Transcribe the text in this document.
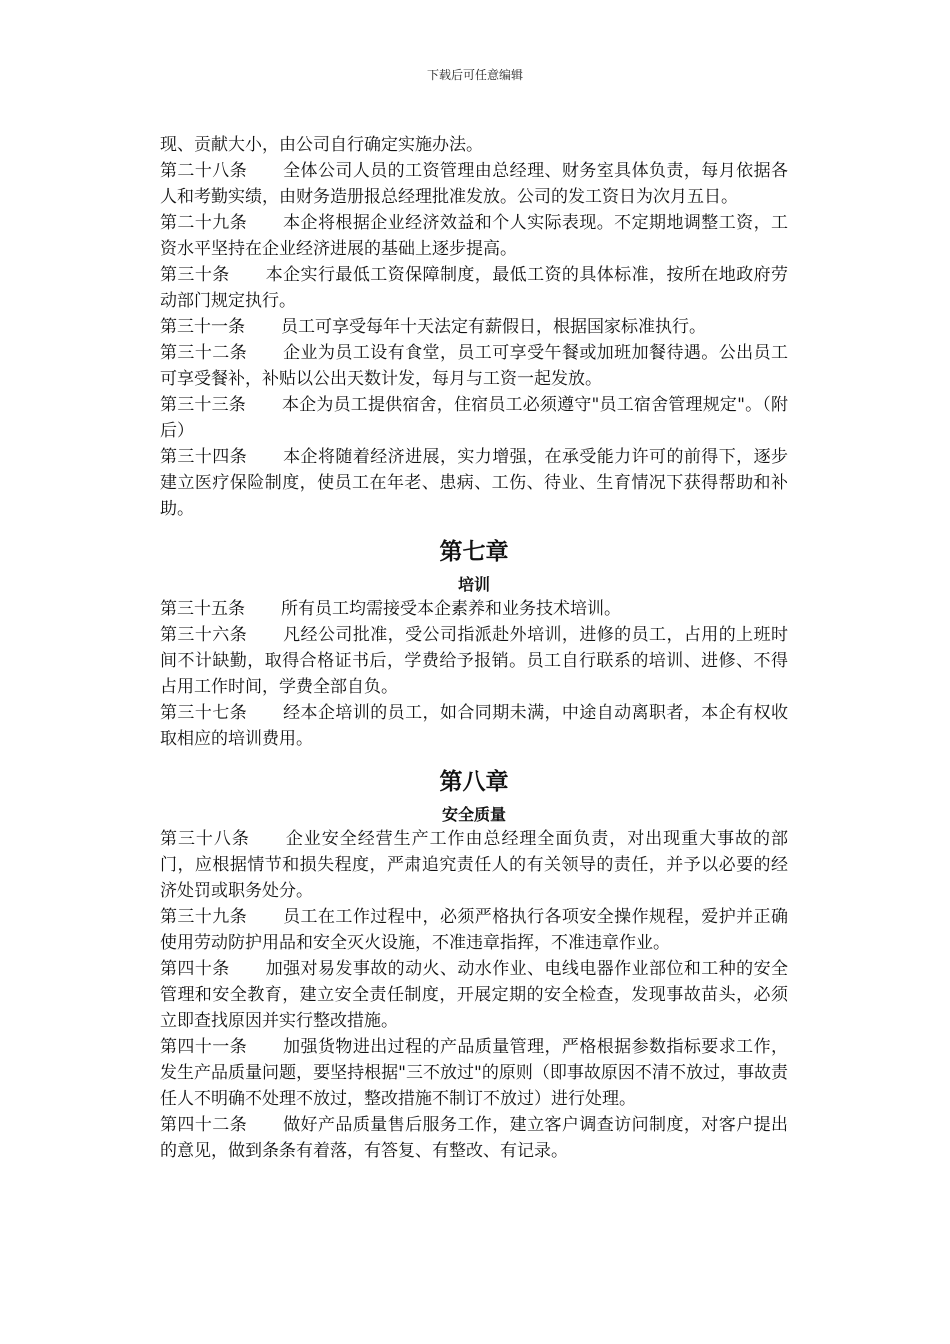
下载后可任意编辑

现、贡献大小，由公司自行确定实施办法。

第二十八条 全体公司人员的工资管理由总经理、财务室具体负责，每月依据各人和考勤实绩，由财务造册报总经理批准发放。公司的发工资日为次月五日。

第二十九条 本企将根据企业经济效益和个人实际表现。不定期地调整工资，工资水平坚持在企业经济进展的基础上逐步提高。

第三十条 本企实行最低工资保障制度，最低工资的具体标准，按所在地政府劳动部门规定执行。

第三十一条 员工可享受每年十天法定有薪假日，根据国家标准执行。

第三十二条 企业为员工设有食堂，员工可享受午餐或加班加餐待遇。公出员工可享受餐补，补贴以公出天数计发，每月与工资一起发放。

第三十三条 本企为员工提供宿舍，住宿员工必须遵守"员工宿舍管理规定"。（附后）

第三十四条 本企将随着经济进展，实力增强，在承受能力许可的前得下，逐步建立医疗保险制度，使员工在年老、患病、工伤、待业、生育情况下获得帮助和补助。

第七章
培训

第三十五条 所有员工均需接受本企素养和业务技术培训。

第三十六条 凡经公司批准，受公司指派赴外培训，进修的员工，占用的上班时间不计缺勤，取得合格证书后，学费给予报销。员工自行联系的培训、进修、不得占用工作时间，学费全部自负。

第三十七条 经本企培训的员工，如合同期未满，中途自动离职者，本企有权收取相应的培训费用。

第八章
安全质量

第三十八条 企业安全经营生产工作由总经理全面负责，对出现重大事故的部门，应根据情节和损失程度，严肃追究责任人的有关领导的责任，并予以必要的经济处罚或职务处分。

第三十九条 员工在工作过程中，必须严格执行各项安全操作规程，爱护并正确使用劳动防护用品和安全灭火设施，不准违章指挥，不准违章作业。

第四十条 加强对易发事故的动火、动水作业、电线电器作业部位和工种的安全管理和安全教育，建立安全责任制度，开展定期的安全检查，发现事故苗头，必须立即查找原因并实行整改措施。

第四十一条 加强货物进出过程的产品质量管理，严格根据参数指标要求工作，发生产品质量问题，要坚持根据"三不放过"的原则（即事故原因不清不放过，事故责任人不明确不处理不放过，整改措施不制订不放过）进行处理。

第四十二条 做好产品质量售后服务工作，建立客户调查访问制度，对客户提出的意见，做到条条有着落，有答复、有整改、有记录。
